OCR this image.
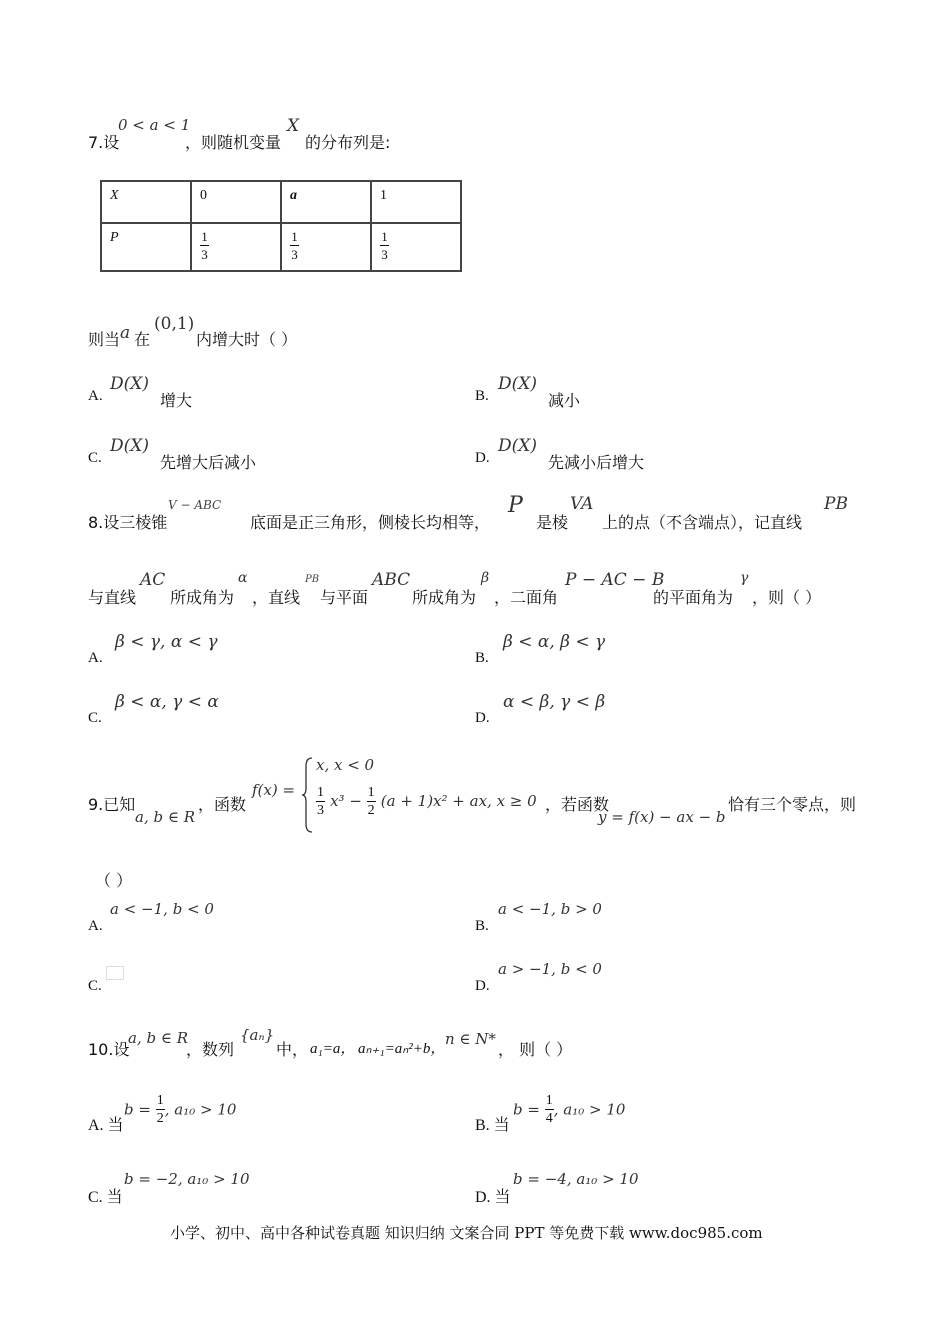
7.设
0 < a < 1
，则随机变量
X
的分布列是:
X	0	a	1
P	$\frac{1}{3}$	$\frac{1}{3}$	$\frac{1}{3}$
则当 a 在
(0,1)
内增大时（ ）
A.
D(X)
增大	B.
D(X)
减小
C.
D(X)
先增大后减小	D.
D(X)
先减小后增大
8.设三棱锥
V − ABC
底面是正三角形，侧棱长均相等，
P
是棱
VA
上的点（不含端点），记直线
PB
与直线
AC
所成角为
α
，直线
PB
与平面
ABC
所成角为
β
，二面角
P − AC − B
的平面角为
γ
，则（ ）
A.
β < γ, α < γ
B.
β < α, β < γ
C.
β < α, γ < α
D.
α < β, γ < β
9.已知
a, b ∈ R
，函数
f(x) =
x, x < 0
$\frac{1}{3} x^3 - \frac{1}{2} (a + 1)x^2$ + ax, x ≥ 0 ，若函数
y = f(x) − ax − b
恰有三个零点，则
（ ）
A.
a < −1, b < 0
B.
a < −1, b > 0
C.	D.
a > −1, b < 0
10.设
a, b ∈ R
，数列
{aₙ}
中， a₁=a， aₙ₊₁=aₙ²+b，
n ∈ N*
， 则（ ）
A. 当
$b = \frac{1}{2}$ , a₁₀ > 10
B. 当
$b = \frac{1}{4}$ , a₁₀ > 10
C. 当
b = −2, a₁₀ > 10
D. 当
b = −4, a₁₀ > 10
小学、初中、高中各种试卷真题 知识归纳 文案合同 PPT 等免费下载 www.doc985.com
